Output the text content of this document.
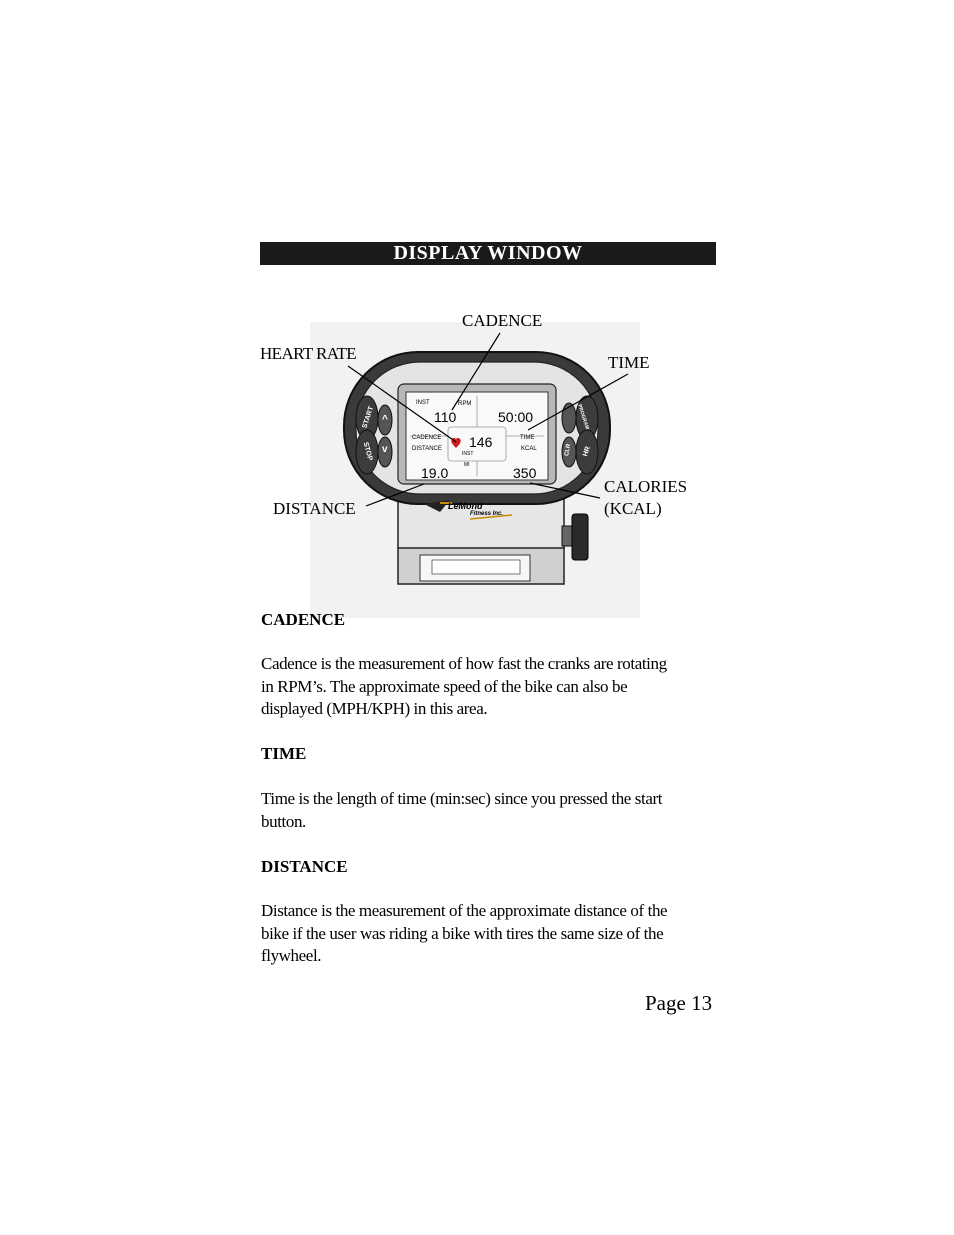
DISPLAY WINDOW
INST	RPM
110	50:00
146
CADENCE
DISTANCE
INST
MI
TIME
KCAL
19.0	350
START
STOP
^
v
PROGRAM
CLR HR
LeMond
Fitness Inc.
CADENCE
HEART RATE	TIME
DISTANCE
CALORIES
(KCAL)
CADENCE
Cadence is the measurement of how fast the cranks are rotating
in RPM’s. The approximate speed of the bike can also be
displayed (MPH/KPH) in this area.
TIME
Time is the length of time (min:sec) since you pressed the start
button.
DISTANCE
Distance is the measurement of the approximate distance of the
bike if the user was riding a bike with tires the same size of the
flywheel.
Page 13
